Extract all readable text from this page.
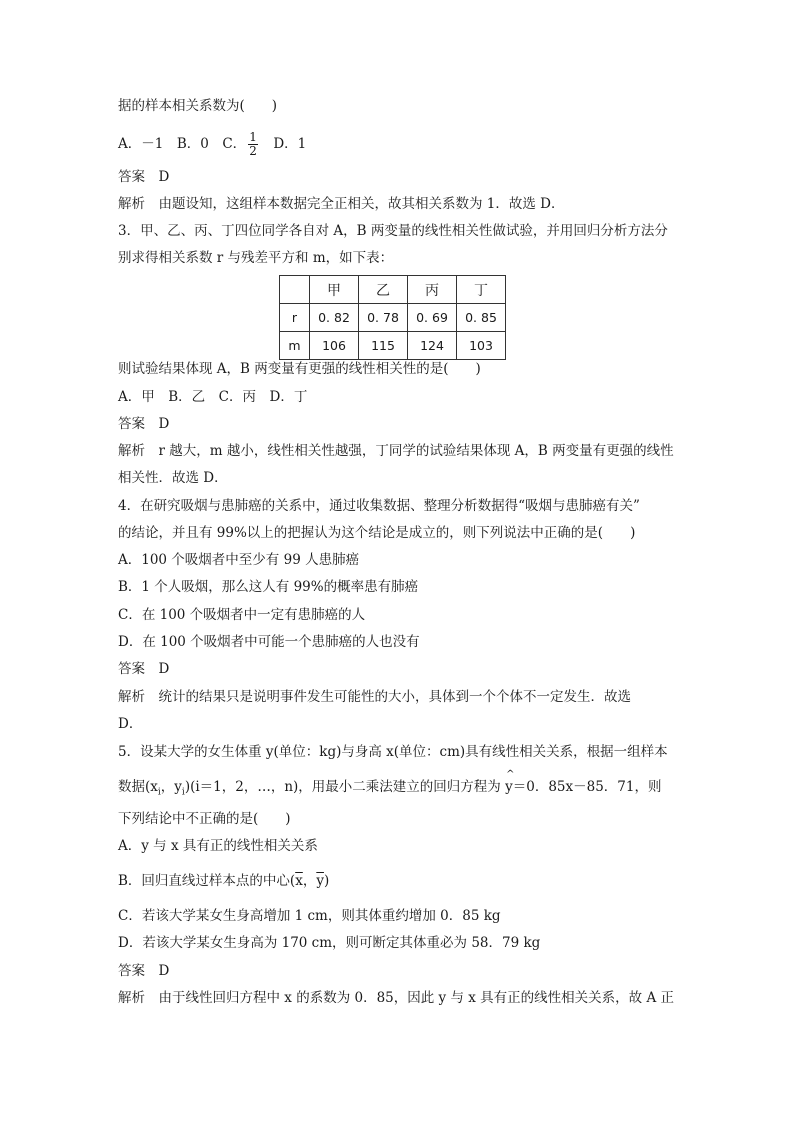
据的样本相关系数为(　　)
A．－1　B．0　C． $\frac{1}{2}$ 　D．1
答案　D
解析　由题设知，这组样本数据完全正相关，故其相关系数为 1．故选 D．
3．甲、乙、丙、丁四位同学各自对 A，B 两变量的线性相关性做试验，并用回归分析方法分
别求得相关系数 r 与残差平方和 m，如下表：
	甲	乙	丙	丁
r	0. 82	0. 78	0. 69	0. 85
m	106	115	124	103
则试验结果体现 A，B 两变量有更强的线性相关性的是(　　)
A．甲　B．乙　C．丙　D．丁
答案　D
解析　r 越大，m 越小，线性相关性越强，丁同学的试验结果体现 A，B 两变量有更强的线性
相关性．故选 D．
4．在研究吸烟与患肺癌的关系中，通过收集数据、整理分析数据得“吸烟与患肺癌有关”
的结论，并且有 99%以上的把握认为这个结论是成立的，则下列说法中正确的是(　　)
A．100 个吸烟者中至少有 99 人患肺癌
B．1 个人吸烟，那么这人有 99%的概率患有肺癌
C．在 100 个吸烟者中一定有患肺癌的人
D．在 100 个吸烟者中可能一个患肺癌的人也没有
答案　D
解析　统计的结果只是说明事件发生可能性的大小，具体到一个个体不一定发生．故选
D．
5．设某大学的女生体重 y(单位：kg)与身高 x(单位：cm)具有线性相关关系，根据一组样本
数据($x_i$，$y_i)(i=1$，2，…，n)，用最小二乘法建立的回归方程为 ^ y＝0．85x－85．71，则
下列结论中不正确的是(　　)
A．y 与 x 具有正的线性相关关系
B．回归直线过样本点的中心($\overline{x}$，$\overline{y}$)
C．若该大学某女生身高增加 1 cm，则其体重约增加 0．85 kg
D．若该大学某女生身高为 170 cm，则可断定其体重必为 58．79 kg
答案　D
解析　由于线性回归方程中 x 的系数为 0．85，因此 y 与 x 具有正的线性相关关系，故 A 正
